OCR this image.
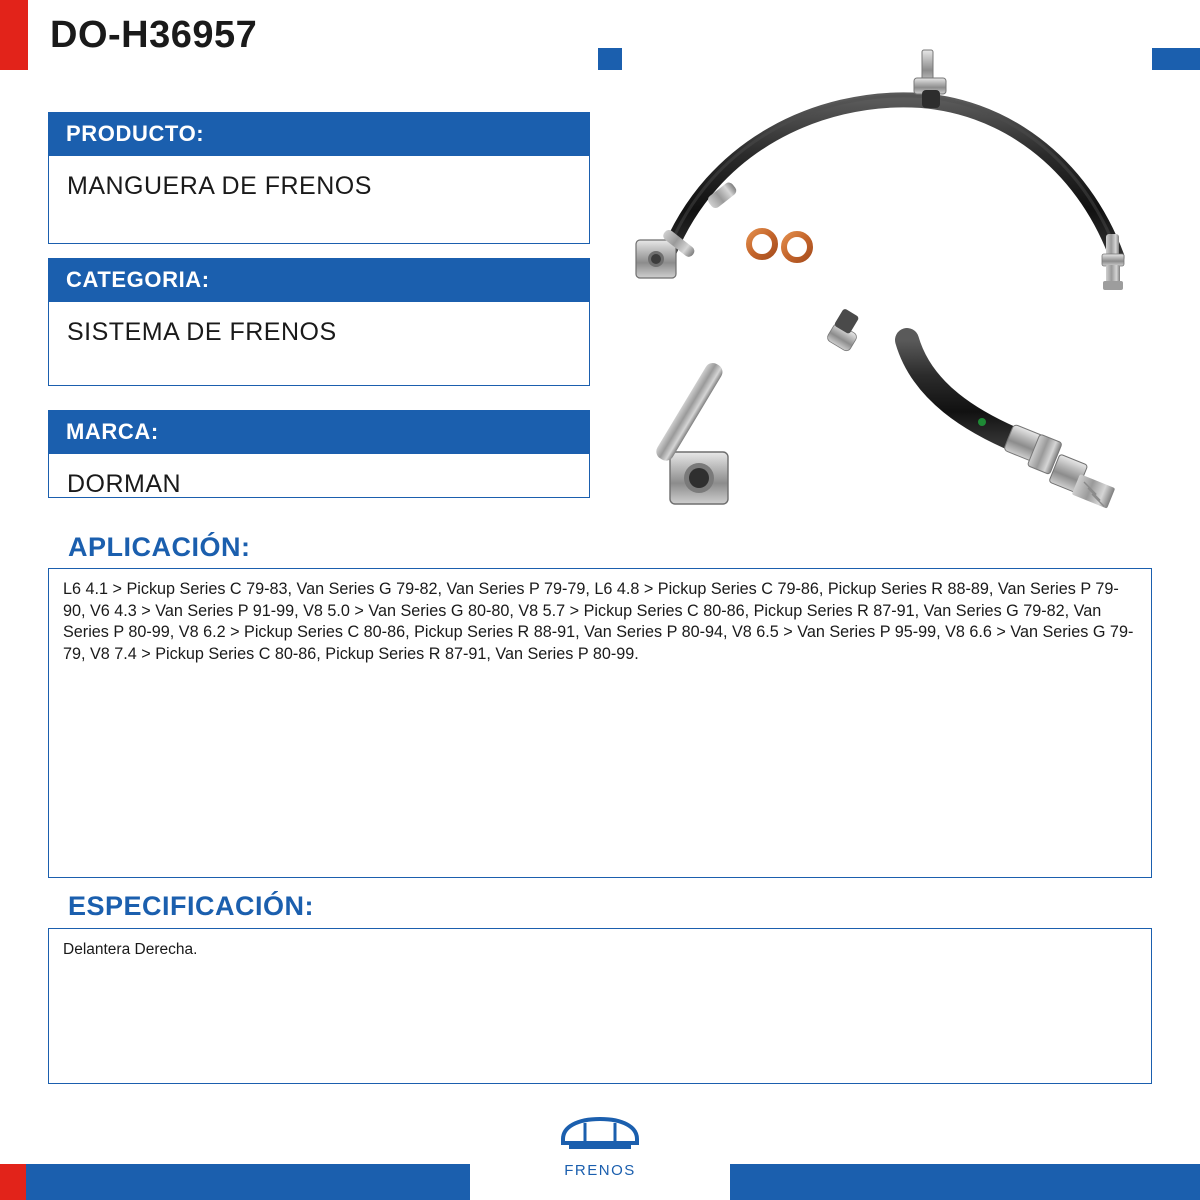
DO-H36957
PRODUCTO:
MANGUERA DE FRENOS
CATEGORIA:
SISTEMA DE FRENOS
MARCA:
DORMAN
APLICACIÓN:
L6 4.1 > Pickup Series C 79-83, Van Series G 79-82, Van Series P 79-79, L6 4.8 > Pickup Series C 79-86, Pickup Series R 88-89, Van Series P 79-90, V6 4.3 > Van Series P 91-99, V8 5.0 > Van Series G 80-80, V8 5.7 > Pickup Series C 80-86, Pickup Series R 87-91, Van Series G 79-82, Van Series P 80-99, V8 6.2 > Pickup Series C 80-86, Pickup Series R 88-91, Van Series P 80-94, V8 6.5 > Van Series P 95-99, V8 6.6 > Van Series G 79-79, V8 7.4 > Pickup Series C 80-86, Pickup Series R 87-91, Van Series P 80-99.
ESPECIFICACIÓN:
Delantera Derecha.
FRENOS
